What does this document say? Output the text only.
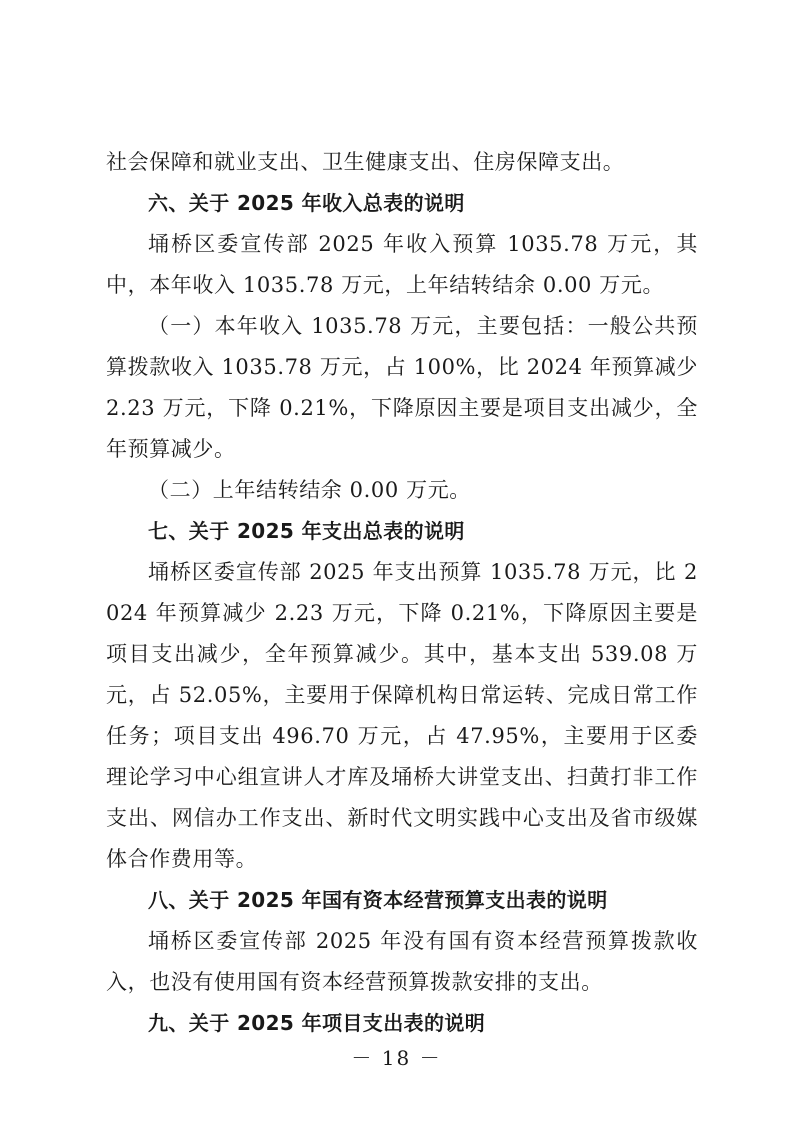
社会保障和就业支出、卫生健康支出、住房保障支出。

六、关于 2025 年收入总表的说明

埇桥区委宣传部 2025 年收入预算 1035.78 万元，其中，本年收入 1035.78 万元，上年结转结余 0.00 万元。

（一）本年收入 1035.78 万元，主要包括：一般公共预算拨款收入 1035.78 万元，占 100%，比 2024 年预算减少 2.23 万元，下降 0.21%，下降原因主要是项目支出减少，全年预算减少。

（二）上年结转结余 0.00 万元。

七、关于 2025 年支出总表的说明

埇桥区委宣传部 2025 年支出预算 1035.78 万元，比 2024 年预算减少 2.23 万元，下降 0.21%，下降原因主要是项目支出减少，全年预算减少。其中，基本支出 539.08 万元，占 52.05%，主要用于保障机构日常运转、完成日常工作任务；项目支出 496.70 万元，占 47.95%，主要用于区委理论学习中心组宣讲人才库及埇桥大讲堂支出、扫黄打非工作支出、网信办工作支出、新时代文明实践中心支出及省市级媒体合作费用等。

八、关于 2025 年国有资本经营预算支出表的说明

埇桥区委宣传部 2025 年没有国有资本经营预算拨款收入，也没有使用国有资本经营预算拨款安排的支出。

九、关于 2025 年项目支出表的说明

－ 18 －
